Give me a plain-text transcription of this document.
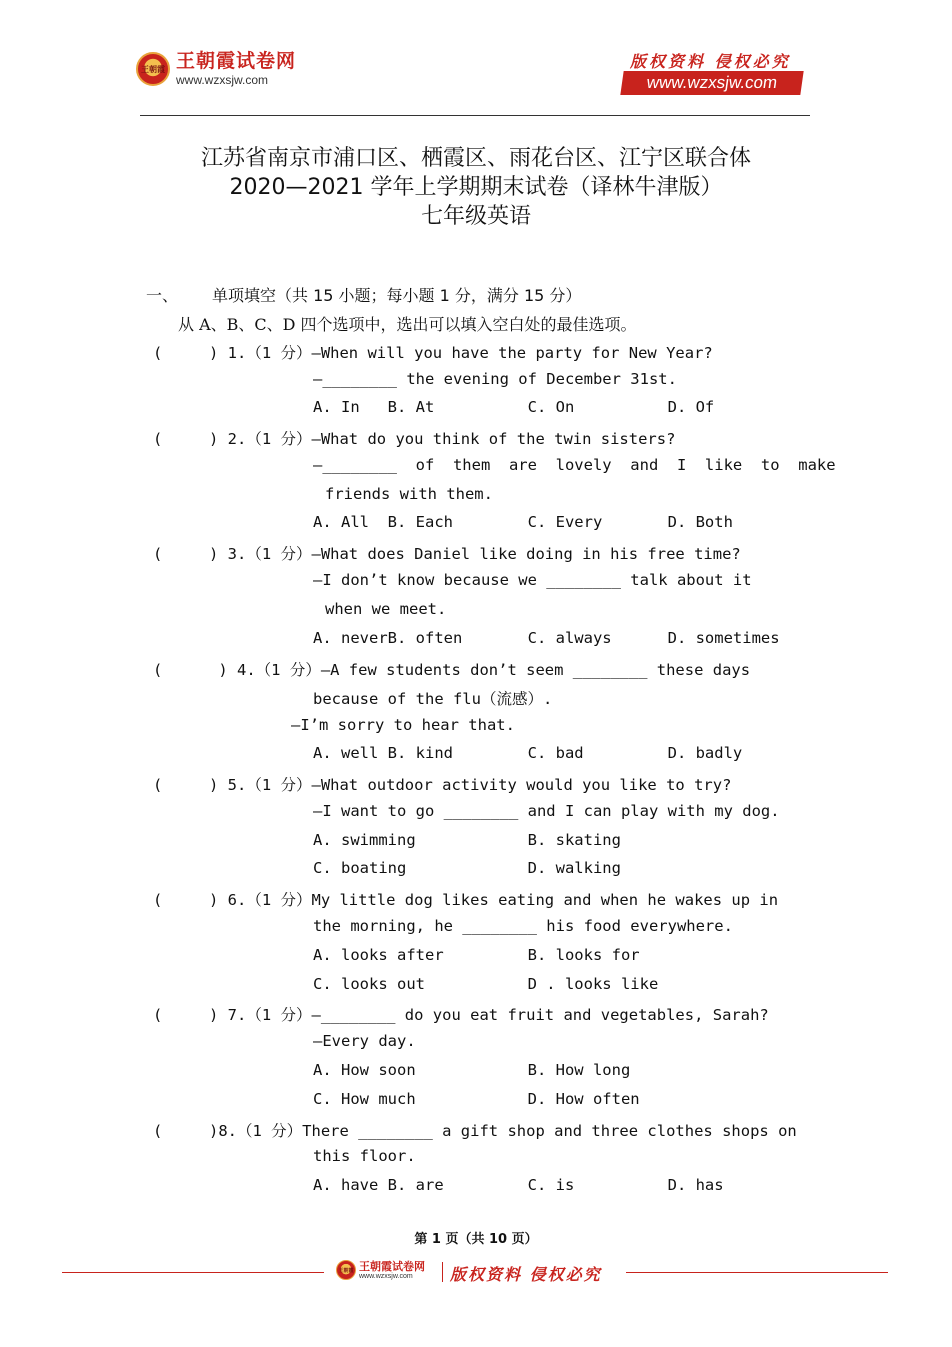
王朝霞 王朝霞试卷网
www.wzxsjw.com
版权资料 侵权必究
www.wzxsjw.com
江苏省南京市浦口区、栖霞区、雨花台区、江宁区联合体
2020—2021 学年上学期期末试卷（译林牛津版）
七年级英语
一、 单项填空（共 15 小题；每小题 1 分，满分 15 分）
从 A、B、C、D 四个选项中，选出可以填入空白处的最佳选项。
(     ) 1.（1 分）—When will you have the party for New Year?
—________ the evening of December 31st.
A. In   B. At          C. On          D. Of
(     ) 2.（1 分）—What do you think of the twin sisters?
—________  of  them  are  lovely  and  I  like  to  make
friends with them.
A. All  B. Each        C. Every       D. Both
(     ) 3.（1 分）—What does Daniel like doing in his free time?
—I don’t know because we ________ talk about it
when we meet.
A. neverB. often       C. always      D. sometimes
(      ) 4.（1 分）—A few students don’t seem ________ these days
because of the flu（流感）.
—I’m sorry to hear that.
A. well B. kind        C. bad         D. badly
(     ) 5.（1 分）—What outdoor activity would you like to try?
—I want to go ________ and I can play with my dog.
A. swimming            B. skating
C. boating             D. walking
(     ) 6.（1 分）My little dog likes eating and when he wakes up in
the morning, he ________ his food everywhere.
A. looks after         B. looks for
C. looks out           D . looks like
(     ) 7.（1 分）—________ do you eat fruit and vegetables, Sarah?
—Every day.
A. How soon            B. How long
C. How much            D. How often
(     )8.（1 分）There ________ a gift shop and three clothes shops on
this floor.
A. have B. are         C. is          D. has
第 1 页（共 10 页）
王朝霞 王朝霞试卷网
www.wzxsjw.com	版权资料 侵权必究
